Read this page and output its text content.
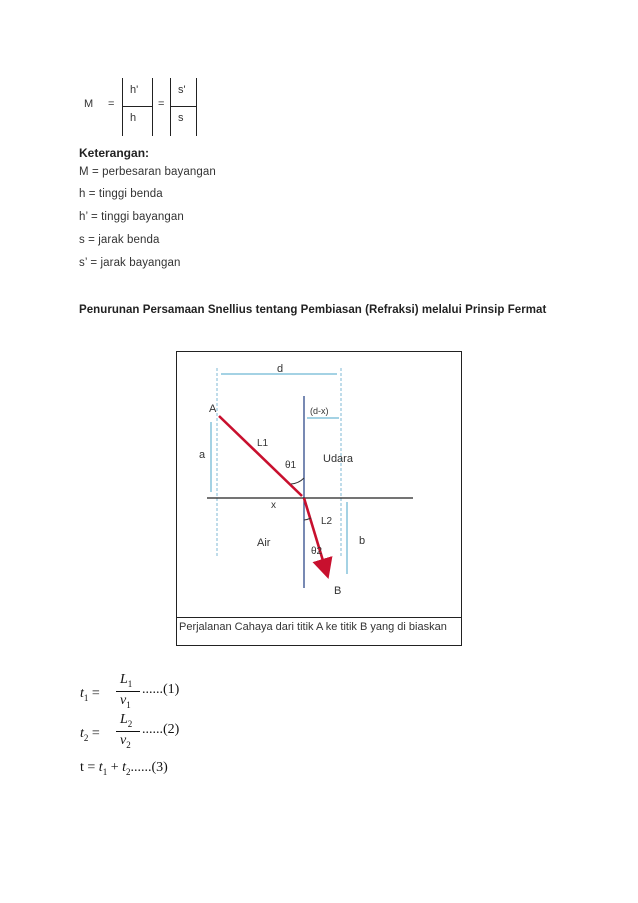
M =
h'
h
=
s'
s
Keterangan:
M = perbesaran bayangan
h = tinggi benda
h’ = tinggi bayangan
s = jarak benda
s’ = jarak bayangan
Penurunan Persamaan Snellius tentang Pembiasan (Refraksi) melalui Prinsip Fermat
d
(d-x)
a
b
A
L1
θ1
Udara
x
L2
Air
θ2
B
Perjalanan Cahaya dari titik A ke titik B yang di biaskan
$t_1$ =
$L_1$
$v_1$
......(1)
$t_2$ =
$L_2$
$v_2$
......(2)
$t = t_1 + t_2......(3)$
